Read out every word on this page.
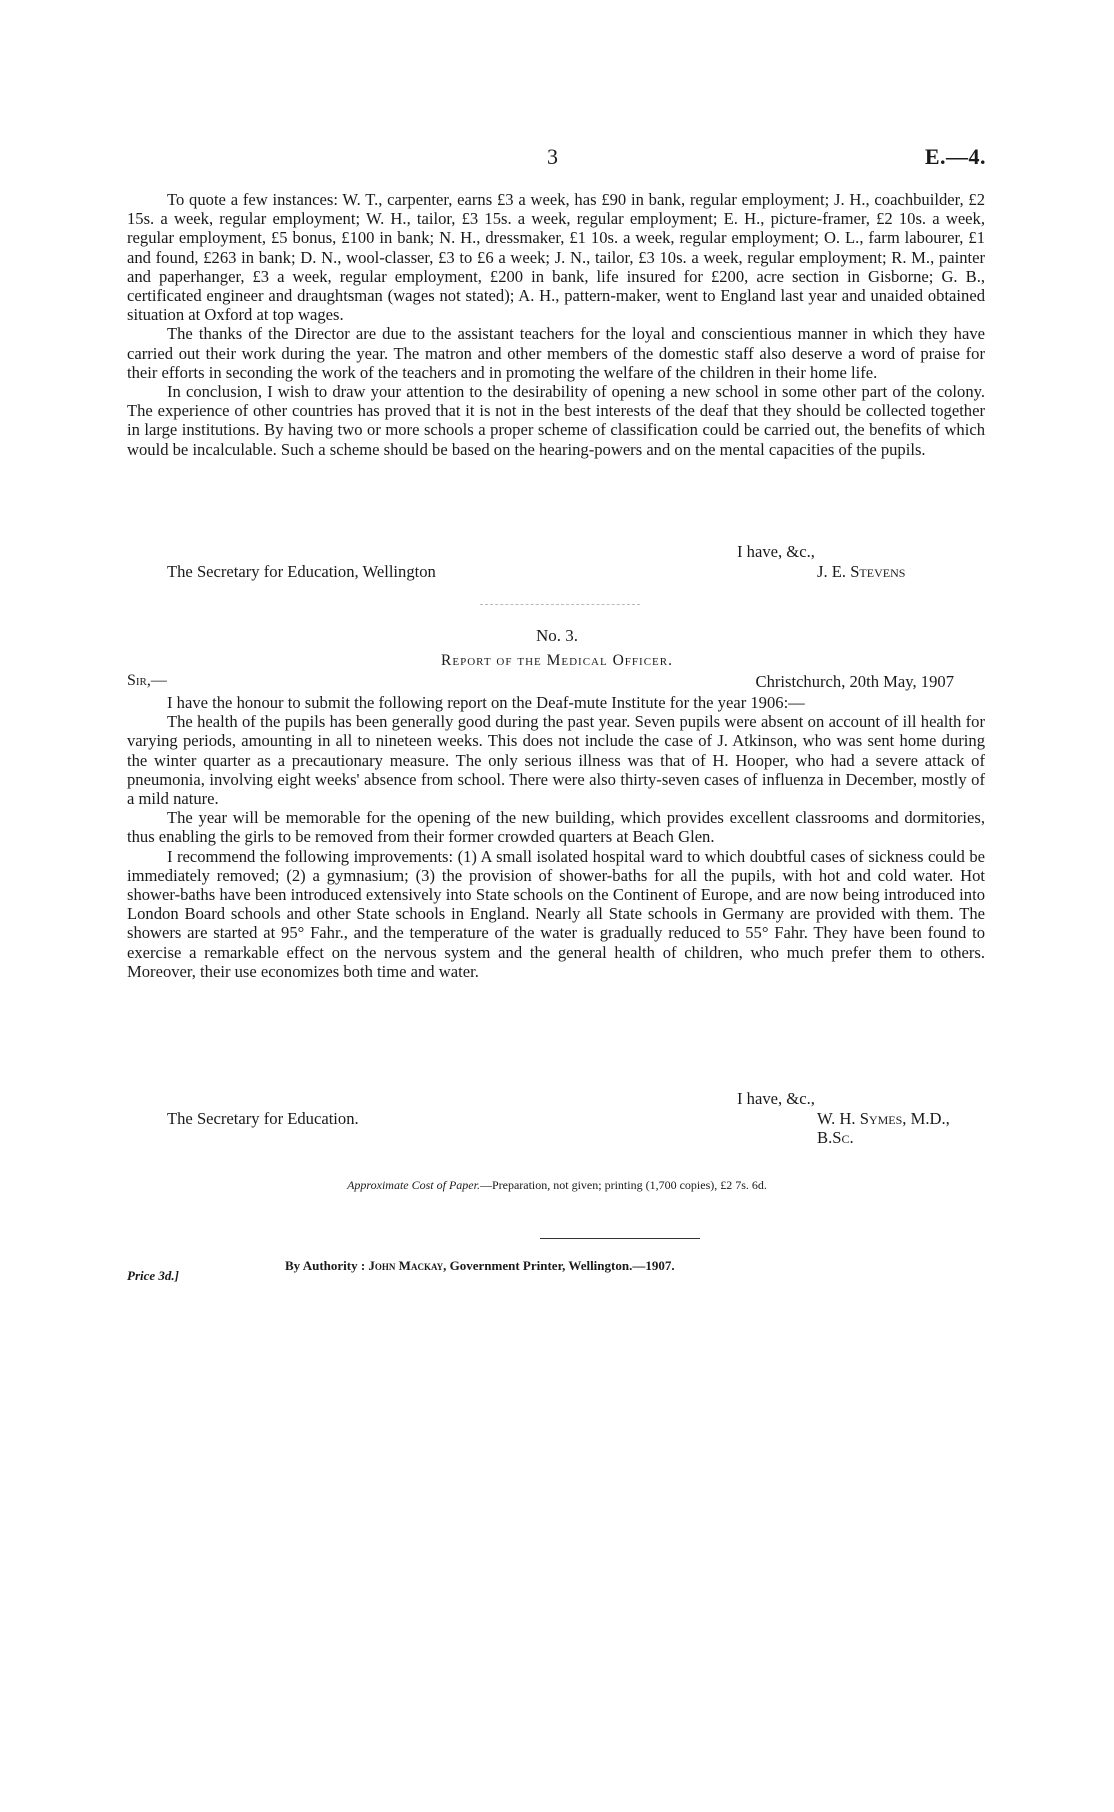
3	E.—4.

To quote a few instances: W. T., carpenter, earns £3 a week, has £90 in bank, regular employment; J. H., coachbuilder, £2 15s. a week, regular employment; W. H., tailor, £3 15s. a week, regular employment; E. H., picture-framer, £2 10s. a week, regular employment, £5 bonus, £100 in bank; N. H., dressmaker, £1 10s. a week, regular employment; O. L., farm labourer, £1 and found, £263 in bank; D. N., wool-classer, £3 to £6 a week; J. N., tailor, £3 10s. a week, regular employment; R. M., painter and paperhanger, £3 a week, regular employment, £200 in bank, life insured for £200, acre section in Gisborne; G. B., certificated engineer and draughtsman (wages not stated); A. H., pattern-maker, went to England last year and unaided obtained situation at Oxford at top wages.

The thanks of the Director are due to the assistant teachers for the loyal and conscientious manner in which they have carried out their work during the year. The matron and other members of the domestic staff also deserve a word of praise for their efforts in seconding the work of the teachers and in promoting the welfare of the children in their home life.

In conclusion, I wish to draw your attention to the desirability of opening a new school in some other part of the colony. The experience of other countries has proved that it is not in the best interests of the deaf that they should be collected together in large institutions. By having two or more schools a proper scheme of classification could be carried out, the benefits of which would be incalculable. Such a scheme should be based on the hearing-powers and on the mental capacities of the pupils.

I have, &c.,
The Secretary for Education, Wellington	J. E. Stevens
No. 3.
Report of the Medical Officer.
Sir,—	Christchurch, 20th May, 1907

I have the honour to submit the following report on the Deaf-mute Institute for the year 1906:—

The health of the pupils has been generally good during the past year. Seven pupils were absent on account of ill health for varying periods, amounting in all to nineteen weeks. This does not include the case of J. Atkinson, who was sent home during the winter quarter as a precautionary measure. The only serious illness was that of H. Hooper, who had a severe attack of pneumonia, involving eight weeks' absence from school. There were also thirty-seven cases of influenza in December, mostly of a mild nature.

The year will be memorable for the opening of the new building, which provides excellent classrooms and dormitories, thus enabling the girls to be removed from their former crowded quarters at Beach Glen.

I recommend the following improvements: (1) A small isolated hospital ward to which doubtful cases of sickness could be immediately removed; (2) a gymnasium; (3) the provision of shower-baths for all the pupils, with hot and cold water. Hot shower-baths have been introduced extensively into State schools on the Continent of Europe, and are now being introduced into London Board schools and other State schools in England. Nearly all State schools in Germany are provided with them. The showers are started at 95° Fahr., and the temperature of the water is gradually reduced to 55° Fahr. They have been found to exercise a remarkable effect on the nervous system and the general health of children, who much prefer them to others. Moreover, their use economizes both time and water.

I have, &c.,
The Secretary for Education.	W. H. Symes, M.D., B.Sc.
Approximate Cost of Paper.—Preparation, not given; printing (1,700 copies), £2 7s. 6d.
Price 3d.]
By Authority : John Mackay, Government Printer, Wellington.—1907.
